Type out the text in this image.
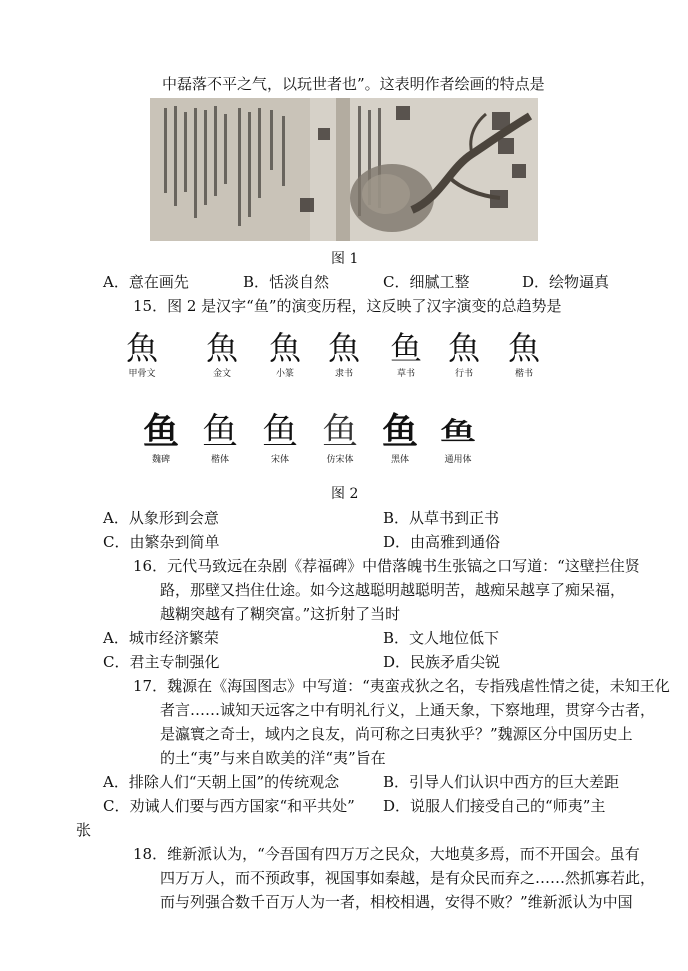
中磊落不平之气，以玩世者也”。这表明作者绘画的特点是
图 1
A．意在画先	B．恬淡自然	C．细腻工整	D．绘物逼真
15．图 2 是汉字“鱼”的演变历程，这反映了汉字演变的总趋势是
魚
甲骨文
魚
金文
魚
小篆
魚
隶书
鱼
草书
魚
行书
魚
楷书
鱼
魏碑
鱼
楷体
鱼
宋体
鱼
仿宋体
鱼
黑体
鱼
通用体
图 2
A．从象形到会意	B．从草书到正书
C．由繁杂到简单	D．由高雅到通俗
16．元代马致远在杂剧《荐福碑》中借落魄书生张镐之口写道：“这壁拦住贤
路，那壁又挡住仕途。如今这越聪明越聪明苦，越痴呆越享了痴呆福，
越糊突越有了糊突富。”这折射了当时
A．城市经济繁荣	B．文人地位低下
C．君主专制强化	D．民族矛盾尖锐
17．魏源在《海国图志》中写道：“夷蛮戎狄之名，专指残虐性情之徒，未知王化
者言……诚知天远客之中有明礼行义，上通天象，下察地理，贯穿今古者，
是瀛寰之奇士，域内之良友，尚可称之曰夷狄乎？”魏源区分中国历史上
的土“夷”与来自欧美的洋“夷”旨在
A．排除人们“天朝上国”的传统观念	B．引导人们认识中西方的巨大差距
C．劝诫人们要与西方国家“和平共处” D．说服人们接受自己的“师夷”主
张
18．维新派认为，“今吾国有四万万之民众，大地莫多焉，而不开国会。虽有
四万万人，而不预政事，视国事如秦越，是有众民而弃之……然抓寡若此，
而与列强合数千百万人为一者，相校相遇，安得不败？”维新派认为中国
